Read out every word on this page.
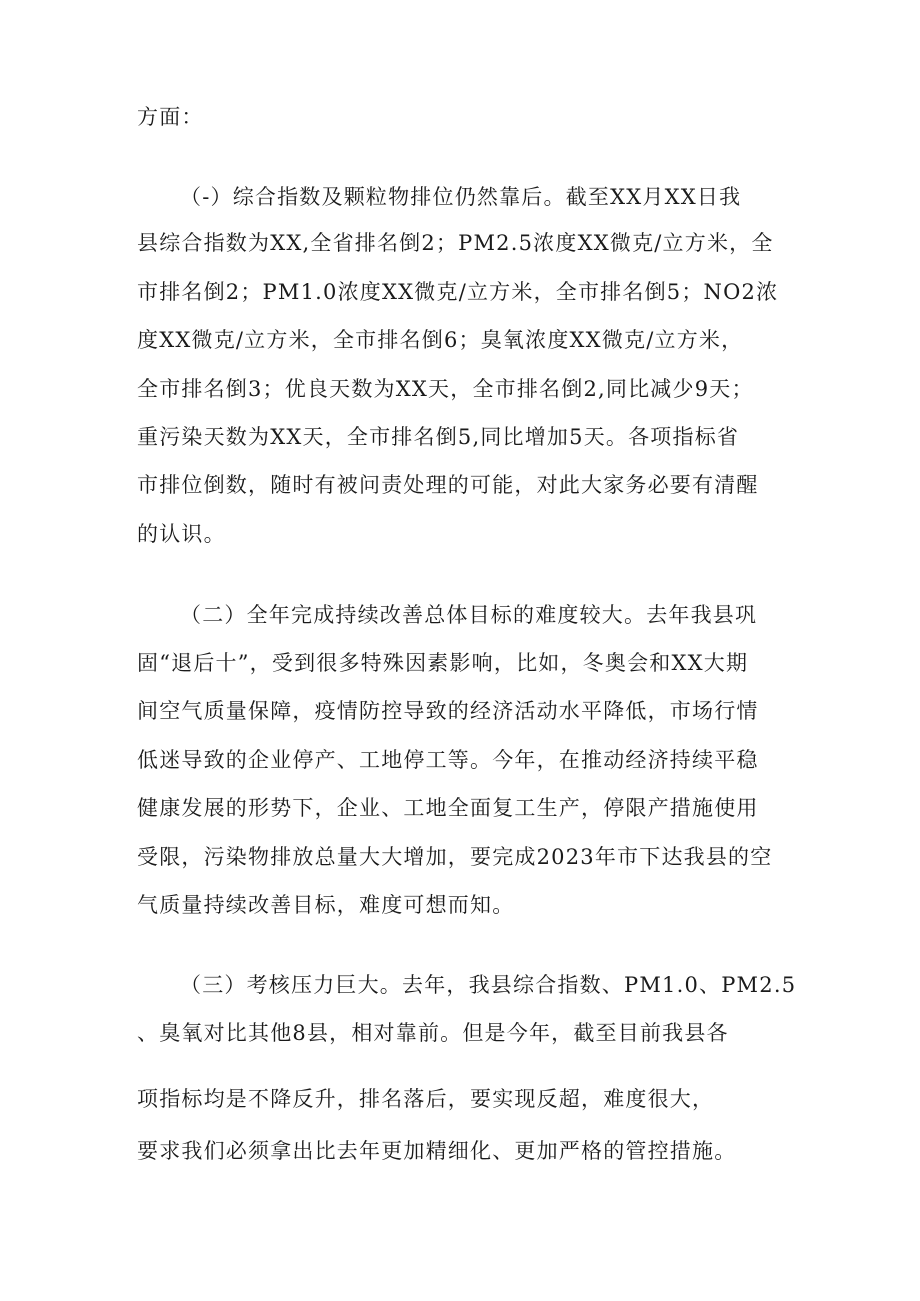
方面：
（-）综合指数及颗粒物排位仍然靠后。截至XX月XX日我
县综合指数为XX,全省排名倒2；PM2.5浓度XX微克/立方米，全
市排名倒2；PM1.0浓度XX微克/立方米，全市排名倒5；NO2浓
度XX微克/立方米，全市排名倒6；臭氧浓度XX微克/立方米，
全市排名倒3；优良天数为XX天，全市排名倒2,同比减少9天；
重污染天数为XX天，全市排名倒5,同比增加5天。各项指标省
市排位倒数，随时有被问责处理的可能，对此大家务必要有清醒
的认识。
（二）全年完成持续改善总体目标的难度较大。去年我县巩
固“退后十”，受到很多特殊因素影响，比如，冬奥会和XX大期
间空气质量保障，疫情防控导致的经济活动水平降低，市场行情
低迷导致的企业停产、工地停工等。今年，在推动经济持续平稳
健康发展的形势下，企业、工地全面复工生产，停限产措施使用
受限，污染物排放总量大大增加，要完成2023年市下达我县的空
气质量持续改善目标，难度可想而知。
（三）考核压力巨大。去年，我县综合指数、PM1.0、PM2.5
、臭氧对比其他8县，相对靠前。但是今年，截至目前我县各
项指标均是不降反升，排名落后，要实现反超，难度很大，
要求我们必须拿出比去年更加精细化、更加严格的管控措施。
